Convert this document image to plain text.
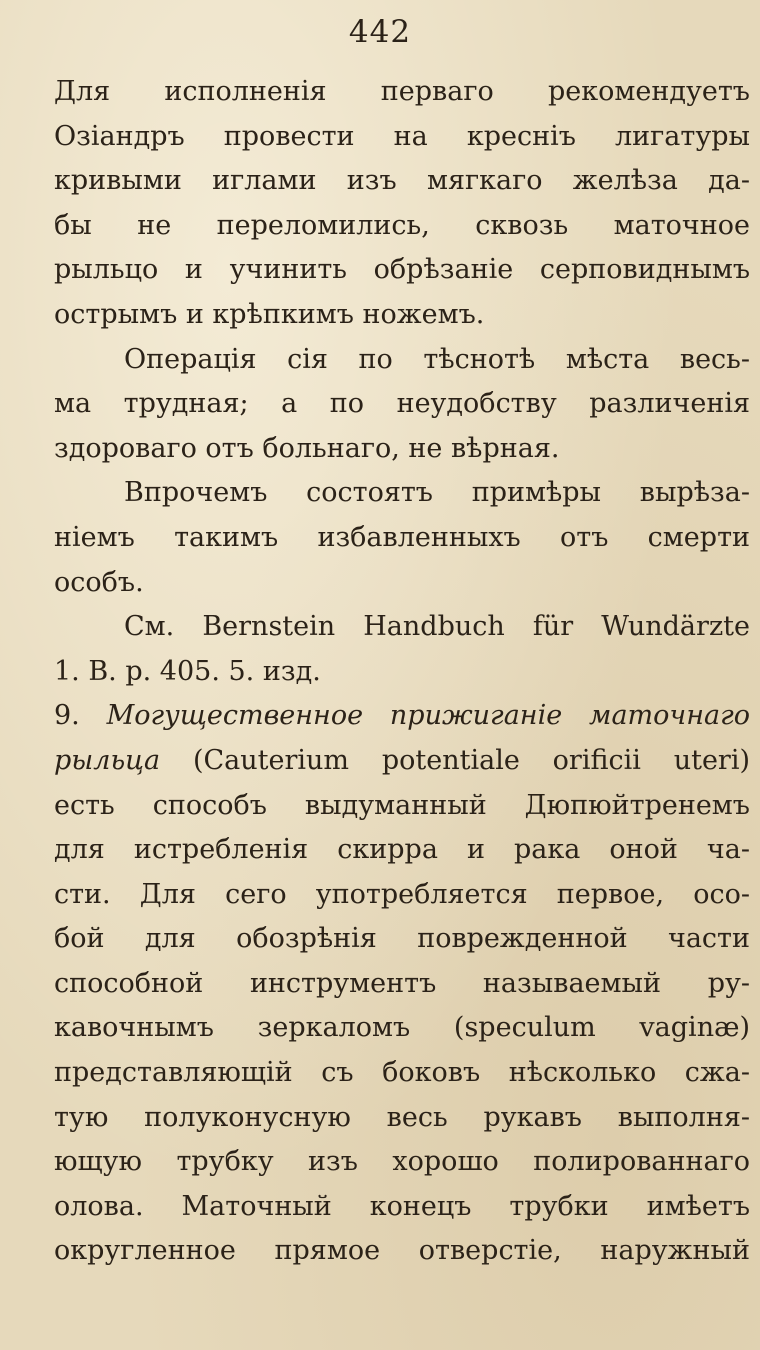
442
Для исполненія перваго рекомендуетъ
Озіандръ провести на кресніъ лигатуры
кривыми иглами изъ мягкаго желѣза да-
бы не переломились, сквозь маточное
рыльцо и учинить обрѣзаніе серповиднымъ
острымъ и крѣпкимъ ножемъ.
Операція сія по тѣснотѣ мѣста весь-
ма трудная; а по неудобству различенія
здороваго отъ больнаго, не вѣрная.
Впрочемъ состоятъ примѣры вырѣза-
ніемъ такимъ избавленныхъ отъ смерти
особъ.
См. Bernstein Handbuch für Wundärzte
1. B. p. 405. 5. изд.
9. Могущественное прижиганіе маточнаго
рыльца (Cauterium potentiale orificii uteri)
есть способъ выдуманный Дюпюйтренемъ
для истребленія скирра и рака оной ча-
сти. Для сего употребляется первое, осо-
бой для обозрѣнія поврежденной части
способной инструментъ называемый ру-
кавочнымъ зеркаломъ (speculum vaginæ)
представляющій съ боковъ нѣсколько сжа-
тую полуконусную весь рукавъ выполня-
ющую трубку изъ хорошо полированнаго
олова. Маточный конецъ трубки имѣетъ
округленное прямое отверстіе, наружный
